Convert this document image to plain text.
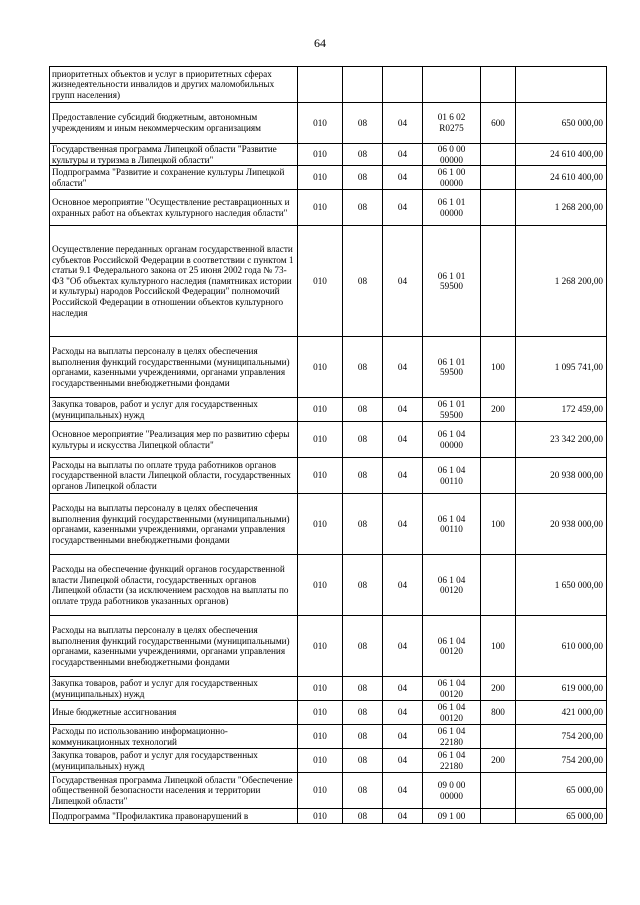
64
приоритетных объектов и услуг в приоритетных сферах жизнедеятельности инвалидов и других маломобильных групп населения)						
Предоставление субсидий бюджетным, автономным учреждениям и иным некоммерческим организациям	010	08	04	01 6 02 R0275	600	650 000,00
Государственная программа Липецкой области "Развитие культуры и туризма в Липецкой области"	010	08	04	06 0 00 00000		24 610 400,00
Подпрограмма "Развитие и сохранение культуры Липецкой области"	010	08	04	06 1 00 00000		24 610 400,00
Основное мероприятие "Осуществление реставрационных и охранных работ на объектах культурного наследия области"	010	08	04	06 1 01 00000		1 268 200,00
Осуществление переданных органам государственной власти субъектов Российской Федерации в соответствии с пунктом 1 статьи 9.1 Федерального закона от 25 июня 2002 года № 73-ФЗ "Об объектах культурного наследия (памятниках истории и культуры) народов Российской Федерации" полномочий Российской Федерации в отношении объектов культурного наследия	010	08	04	06 1 01 59500		1 268 200,00
Расходы на выплаты персоналу в целях обеспечения выполнения функций государственными (муниципальными) органами, казенными учреждениями, органами управления государственными внебюджетными фондами	010	08	04	06 1 01 59500	100	1 095 741,00
Закупка товаров, работ и услуг для государственных (муниципальных) нужд	010	08	04	06 1 01 59500	200	172 459,00
Основное мероприятие "Реализация мер по развитию сферы культуры и искусства Липецкой области"	010	08	04	06 1 04 00000		23 342 200,00
Расходы на выплаты по оплате труда работников органов государственной власти Липецкой области, государственных органов Липецкой области	010	08	04	06 1 04 00110		20 938 000,00
Расходы на выплаты персоналу в целях обеспечения выполнения функций государственными (муниципальными) органами, казенными учреждениями, органами управления государственными внебюджетными фондами	010	08	04	06 1 04 00110	100	20 938 000,00
Расходы на обеспечение функций органов государственной власти Липецкой области, государственных органов Липецкой области (за исключением расходов на выплаты по оплате труда работников указанных органов)	010	08	04	06 1 04 00120		1 650 000,00
Расходы на выплаты персоналу в целях обеспечения выполнения функций государственными (муниципальными) органами, казенными учреждениями, органами управления государственными внебюджетными фондами	010	08	04	06 1 04 00120	100	610 000,00
Закупка товаров, работ и услуг для государственных (муниципальных) нужд	010	08	04	06 1 04 00120	200	619 000,00
Иные бюджетные ассигнования	010	08	04	06 1 04 00120	800	421 000,00
Расходы по использованию информационно-коммуникационных технологий	010	08	04	06 1 04 22180		754 200,00
Закупка товаров, работ и услуг для государственных (муниципальных) нужд	010	08	04	06 1 04 22180	200	754 200,00
Государственная программа Липецкой области "Обеспечение общественной безопасности населения и территории Липецкой области"	010	08	04	09 0 00 00000		65 000,00
Подпрограмма "Профилактика правонарушений в	010	08	04	09 1 00		65 000,00
